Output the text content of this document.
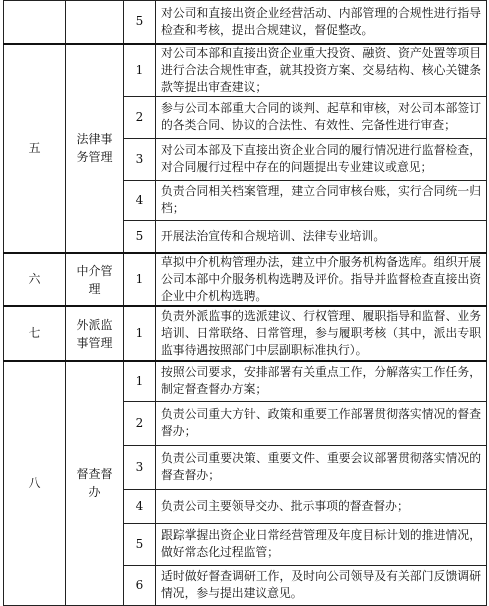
		5	对公司和直接出资企业经营活动、内部管理的合规性进行指导检查和考核，提出合规建议，督促整改。
五	法律事务管理	1	对公司本部和直接出资企业重大投资、融资、资产处置等项目进行合法合规性审查，就其投资方案、交易结构、核心关键条款等提出审查建议；
		2	参与公司本部重大合同的谈判、起草和审核，对公司本部签订的各类合同、协议的合法性、有效性、完备性进行审查；
		3	对公司本部及下直接出资企业合同的履行情况进行监督检查，对合同履行过程中存在的问题提出专业建议或意见；
		4	负责合同相关档案管理，建立合同审核台账，实行合同统一归档；
		5	开展法治宣传和合规培训、法律专业培训。
六	中介管理	1	草拟中介机构管理办法，建立中介服务机构备选库。组织开展公司本部中介服务机构选聘及评价。指导并监督检查直接出资企业中介机构选聘。
七	外派监事管理	1	负责外派监事的选派建议、行权管理、履职指导和监督、业务培训、日常联络、日常管理，参与履职考核（其中，派出专职监事待遇按照部门中层副职标准执行）。
八	督查督办	1	按照公司要求，安排部署有关重点工作，分解落实工作任务，制定督查督办方案；
		2	负责公司重大方针、政策和重要工作部署贯彻落实情况的督查督办；
		3	负责公司重要决策、重要文件、重要会议部署贯彻落实情况的督查督办；
		4	负责公司主要领导交办、批示事项的督查督办；
		5	跟踪掌握出资企业日常经营管理及年度目标计划的推进情况，做好常态化过程监管；
		6	适时做好督查调研工作，及时向公司领导及有关部门反馈调研情况，参与提出建议意见。
